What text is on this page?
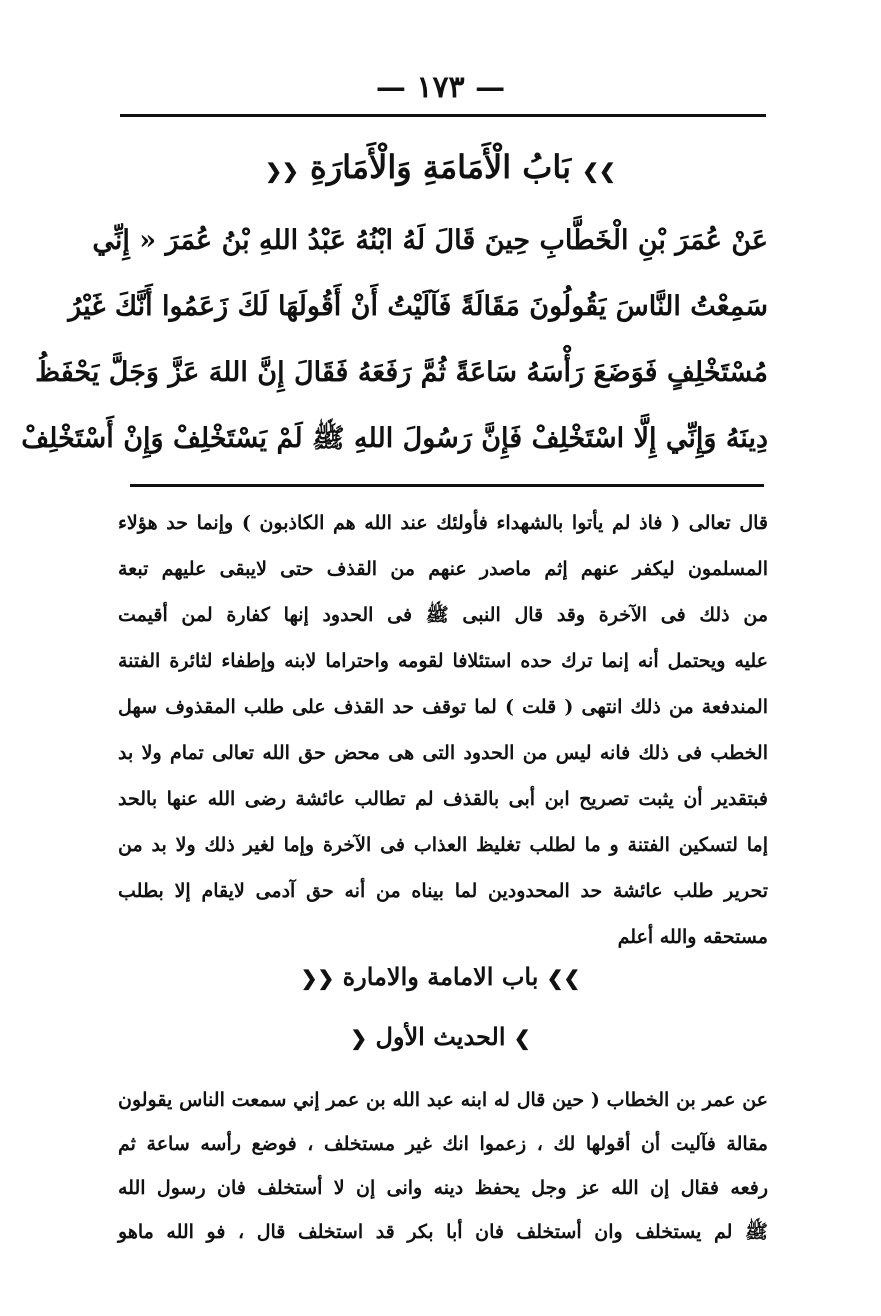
— ١٧٣ —
❯❯ بَابُ الْأَمَامَةِ وَالْأَمَارَةِ ❮❮
عَنْ عُمَرَ بْنِ الْخَطَّابِ حِينَ قَالَ لَهُ ابْنُهُ عَبْدُ اللهِ بْنُ عُمَرَ « إِنِّي
سَمِعْتُ النَّاسَ يَقُولُونَ مَقَالَةً فَآلَيْتُ أَنْ أَقُولَهَا لَكَ زَعَمُوا أَنَّكَ غَيْرُ
مُسْتَخْلِفٍ فَوَضَعَ رَأْسَهُ سَاعَةً ثُمَّ رَفَعَهُ فَقَالَ إِنَّ اللهَ عَزَّ وَجَلَّ يَحْفَظُ
دِينَهُ وَإِنِّي إِلَّا اسْتَخْلِفْ فَإِنَّ رَسُولَ اللهِ ﷺ لَمْ يَسْتَخْلِفْ وَإِنْ أَسْتَخْلِفْ
قال تعالى ( فاذ لم يأتوا بالشهداء فأولئك عند الله هم الكاذبون ) وإنما حد هؤلاء
المسلمون ليكفر عنهم إثم ماصدر عنهم من القذف حتى لايبقى عليهم تبعة
من ذلك فى الآخرة وقد قال النبى ﷺ فى الحدود إنها كفارة لمن أقيمت
عليه ويحتمل أنه إنما ترك حده استئلافا لقومه واحتراما لابنه وإطفاء لثائرة الفتنة
المندفعة من ذلك انتهى ( قلت ) لما توقف حد القذف على طلب المقذوف سهل
الخطب فى ذلك فانه ليس من الحدود التى هى محض حق الله تعالى تمام ولا بد
فبتقدير أن يثبت تصريح ابن أبى بالقذف لم تطالب عائشة رضى الله عنها بالحد
إما لتسكين الفتنة و ما لطلب تغليظ العذاب فى الآخرة وإما لغير ذلك ولا بد من
تحرير طلب عائشة حد المحدودين لما بيناه من أنه حق آدمى لايقام إلا بطلب
مستحقه والله أعلم
❯❯ باب الامامة والامارة ❮❮
❯ الحديث الأول ❮
عن عمر بن الخطاب ( حين قال له ابنه عبد الله بن عمر إني سمعت الناس يقولون
مقالة فآليت أن أقولها لك ، زعموا انك غير مستخلف ، فوضع رأسه ساعة ثم
رفعه فقال إن الله عز وجل يحفظ دينه وانى إن لا أستخلف فان رسول الله
ﷺ لم يستخلف وان أستخلف فان أبا بكر قد استخلف قال ، فو الله ماهو
